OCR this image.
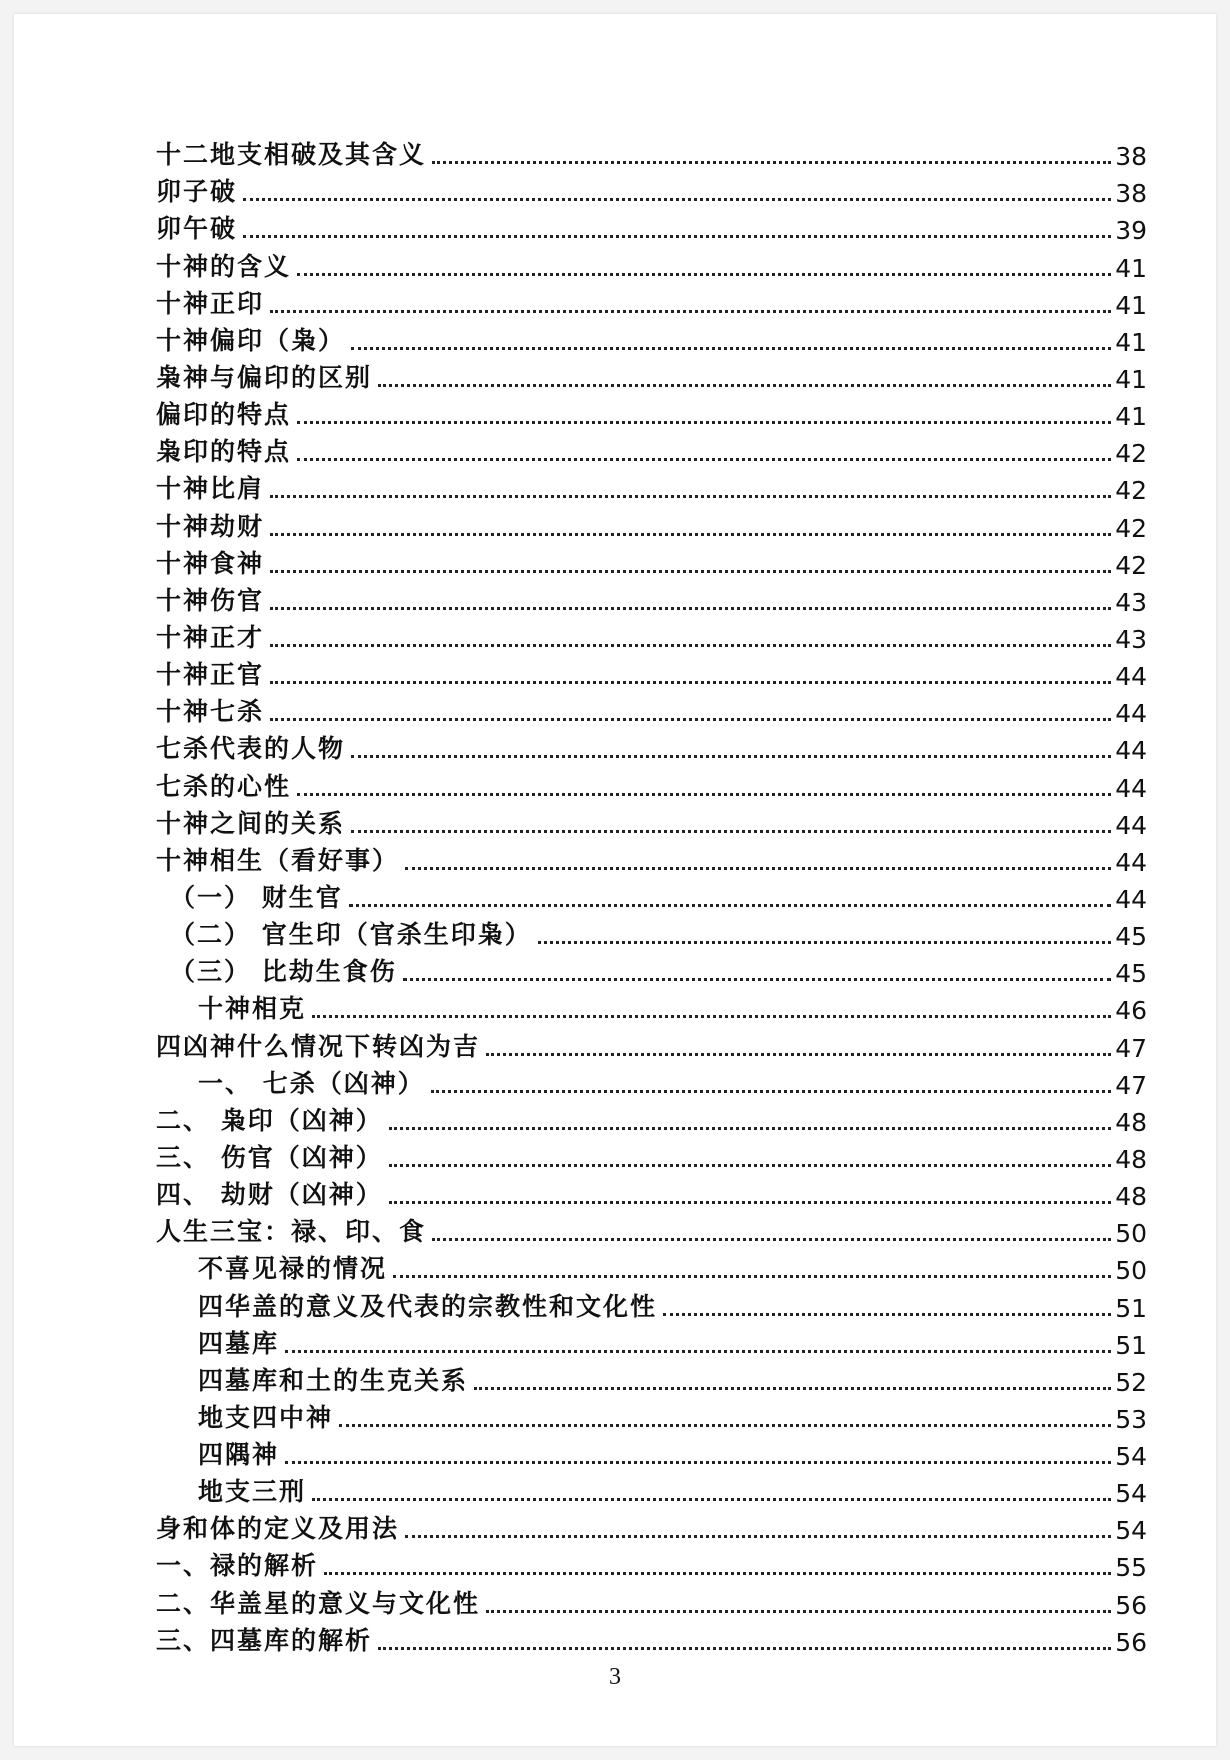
十二地支相破及其含义	38
卯子破	38
卯午破	39
十神的含义	41
十神正印	41
十神偏印（枭）	41
枭神与偏印的区别	41
偏印的特点	41
枭印的特点	42
十神比肩	42
十神劫财	42
十神食神	42
十神伤官	43
十神正才	43
十神正官	44
十神七杀	44
七杀代表的人物	44
七杀的心性	44
十神之间的关系	44
十神相生（看好事）	44
（一） 财生官	44
（二） 官生印（官杀生印枭）	45
（三） 比劫生食伤	45
十神相克	46
四凶神什么情况下转凶为吉	47
一、 七杀（凶神）	47
二、 枭印（凶神）	48
三、 伤官（凶神）	48
四、 劫财（凶神）	48
人生三宝：禄、印、食	50
不喜见禄的情况	50
四华盖的意义及代表的宗教性和文化性	51
四墓库	51
四墓库和土的生克关系	52
地支四中神	53
四隅神	54
地支三刑	54
身和体的定义及用法	54
一、禄的解析	55
二、华盖星的意义与文化性	56
三、四墓库的解析	56
3
